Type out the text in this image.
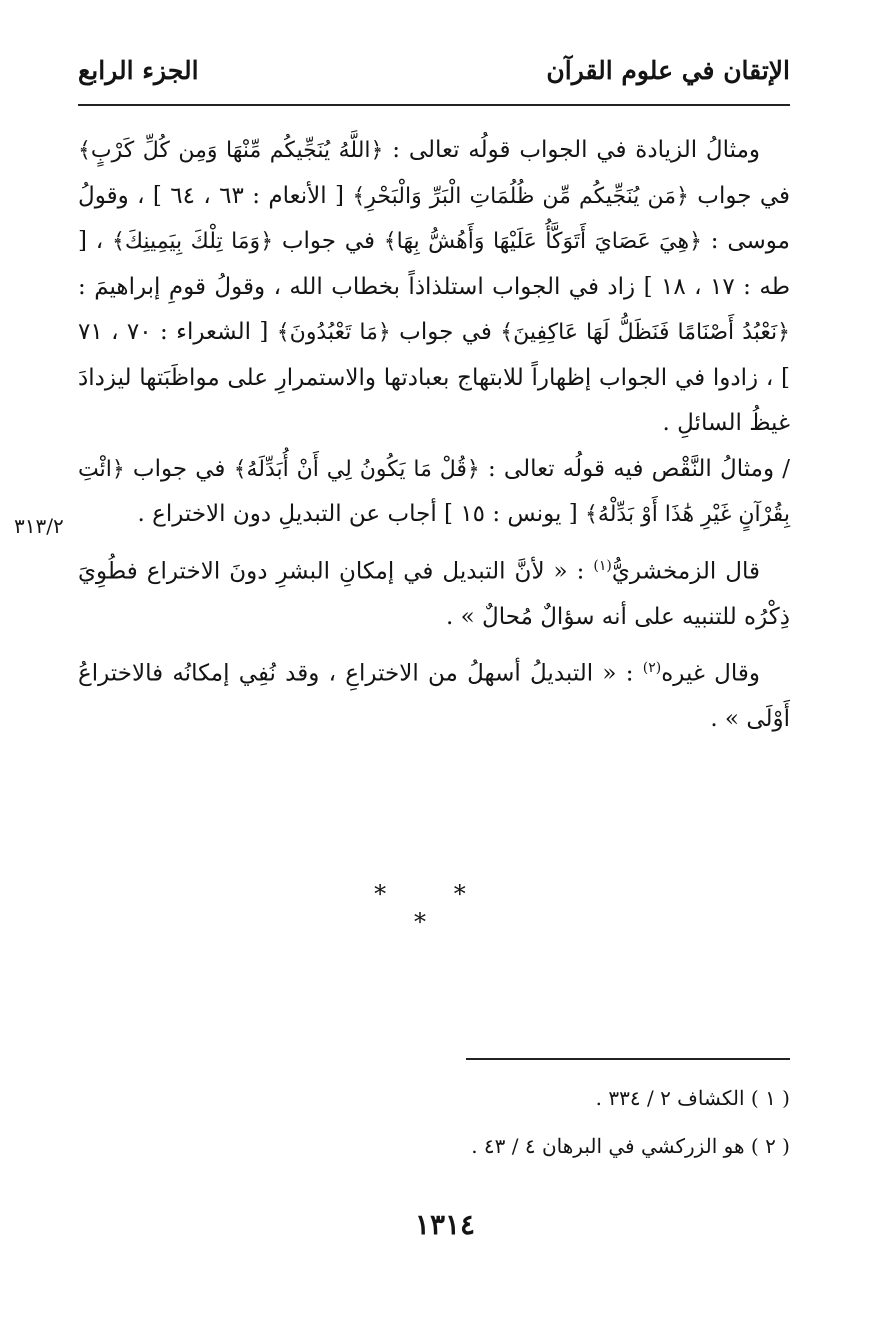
الإتقان في علوم القرآن
الجزء الرابع

ومثالُ الزيادة في الجواب قولُه تعالى : ﴿اللَّهُ يُنَجِّيكُم مِّنْهَا وَمِن كُلِّ كَرْبٍ﴾ في جواب ﴿مَن يُنَجِّيكُم مِّن ظُلُمَاتِ الْبَرِّ وَالْبَحْرِ﴾ [ الأنعام : ٦٣ ، ٦٤ ] ، وقولُ موسى : ﴿هِيَ عَصَايَ أَتَوَكَّأُ عَلَيْهَا وَأَهُشُّ بِهَا﴾ في جواب ﴿وَمَا تِلْكَ بِيَمِينِكَ﴾ ، [ طه : ١٧ ، ١٨ ] زاد في الجواب استلذاذاً بخطاب الله ، وقولُ قومِ إبراهيمَ : ﴿نَعْبُدُ أَصْنَامًا فَنَظَلُّ لَهَا عَاكِفِينَ﴾ في جواب ﴿مَا تَعْبُدُونَ﴾ [ الشعراء : ٧٠ ، ٧١ ] ، زادوا في الجواب إظهاراً للابتهاج بعبادتها والاستمرارِ على مواظَبَتها ليزدادَ غيظُ السائلِ .

/ ومثالُ النَّقْص فيه قولُه تعالى : ﴿قُلْ مَا يَكُونُ لِي أَنْ أُبَدِّلَهُ﴾ في جواب ﴿ائْتِ بِقُرْآنٍ غَيْرِ هَٰذَا أَوْ بَدِّلْهُ﴾ [ يونس : ١٥ ] أجاب عن التبديلِ دون الاختراع .

قال الزمخشريُّ$^{(١)}$ : « لأنَّ التبديل في إمكانِ البشرِ دونَ الاختراع فطُوِيَ ذِكْرُه للتنبيه على أنه سؤالٌ مُحالٌ » .

وقال غيره$^{(٢)}$ : « التبديلُ أسهلُ من الاختراعِ ، وقد نُفِي إمكانُه فالاختراعُ أَوْلَى » .

٣١٣/٢
* * *

( ١ ) الكشاف ٢ / ٣٣٤ .

( ٢ ) هو الزركشي في البرهان ٤ / ٤٣ .

١٣١٤
